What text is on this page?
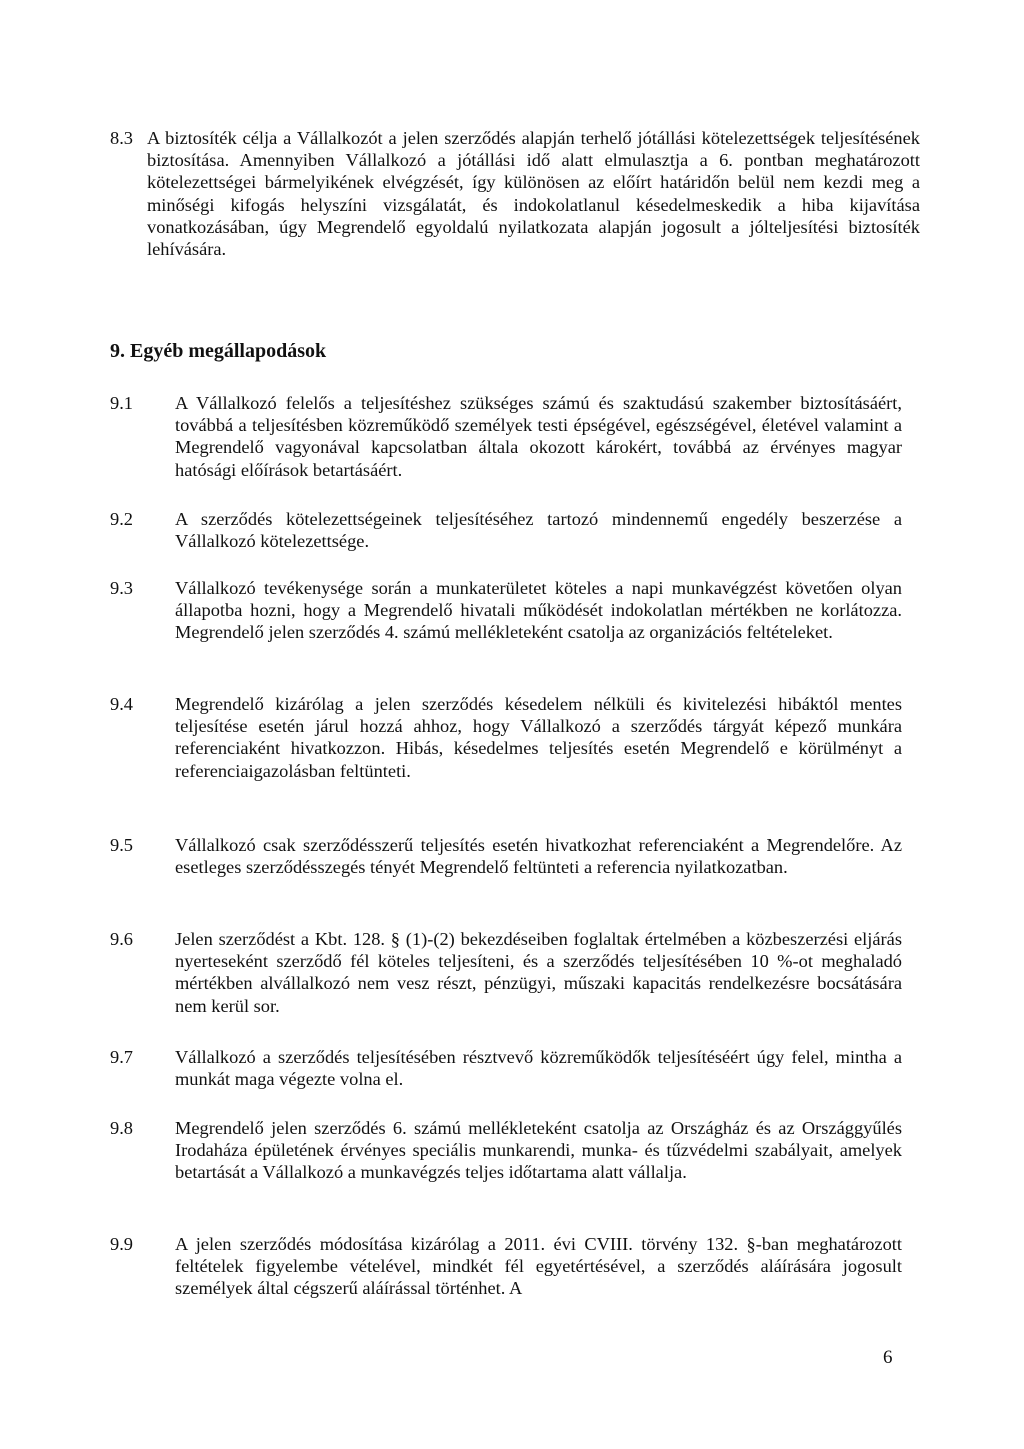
8.3 A biztosíték célja a Vállalkozót a jelen szerződés alapján terhelő jótállási kötelezettségek teljesítésének biztosítása. Amennyiben Vállalkozó a jótállási idő alatt elmulasztja a 6. pontban meghatározott kötelezettségei bármelyikének elvégzését, így különösen az előírt határidőn belül nem kezdi meg a minőségi kifogás helyszíni vizsgálatát, és indokolatlanul késedelmeskedik a hiba kijavítása vonatkozásában, úgy Megrendelő egyoldalú nyilatkozata alapján jogosult a jólteljesítési biztosíték lehívására.
9. Egyéb megállapodások
9.1	A Vállalkozó felelős a teljesítéshez szükséges számú és szaktudású szakember biztosításáért, továbbá a teljesítésben közreműködő személyek testi épségével, egészségével, életével valamint a Megrendelő vagyonával kapcsolatban általa okozott károkért, továbbá az érvényes magyar hatósági előírások betartásáért.
9.2	A szerződés kötelezettségeinek teljesítéséhez tartozó mindennemű engedély beszerzése a Vállalkozó kötelezettsége.
9.3	Vállalkozó tevékenysége során a munkaterületet köteles a napi munkavégzést követően olyan állapotba hozni, hogy a Megrendelő hivatali működését indokolatlan mértékben ne korlátozza. Megrendelő jelen szerződés 4. számú mellékleteként csatolja az organizációs feltételeket.
9.4	Megrendelő kizárólag a jelen szerződés késedelem nélküli és kivitelezési hibáktól mentes teljesítése esetén járul hozzá ahhoz, hogy Vállalkozó a szerződés tárgyát képező munkára referenciaként hivatkozzon. Hibás, késedelmes teljesítés esetén Megrendelő e körülményt a referenciaigazolásban feltünteti.
9.5	Vállalkozó csak szerződésszerű teljesítés esetén hivatkozhat referenciaként a Megrendelőre. Az esetleges szerződésszegés tényét Megrendelő feltünteti a referencia nyilatkozatban.
9.6	Jelen szerződést a Kbt. 128. § (1)-(2) bekezdéseiben foglaltak értelmében a közbeszerzési eljárás nyerteseként szerződő fél köteles teljesíteni, és a szerződés teljesítésében 10 %-ot meghaladó mértékben alvállalkozó nem vesz részt, pénzügyi, műszaki kapacitás rendelkezésre bocsátására nem kerül sor.
9.7	Vállalkozó a szerződés teljesítésében résztvevő közreműködők teljesítéséért úgy felel, mintha a munkát maga végezte volna el.
9.8	Megrendelő jelen szerződés 6. számú mellékleteként csatolja az Országház és az Országgyűlés Irodaháza épületének érvényes speciális munkarendi, munka- és tűzvédelmi szabályait, amelyek betartását a Vállalkozó a munkavégzés teljes időtartama alatt vállalja.
9.9	A jelen szerződés módosítása kizárólag a 2011. évi CVIII. törvény 132. §-ban meghatározott feltételek figyelembe vételével, mindkét fél egyetértésével, a szerződés aláírására jogosult személyek által cégszerű aláírással történhet. A
6
